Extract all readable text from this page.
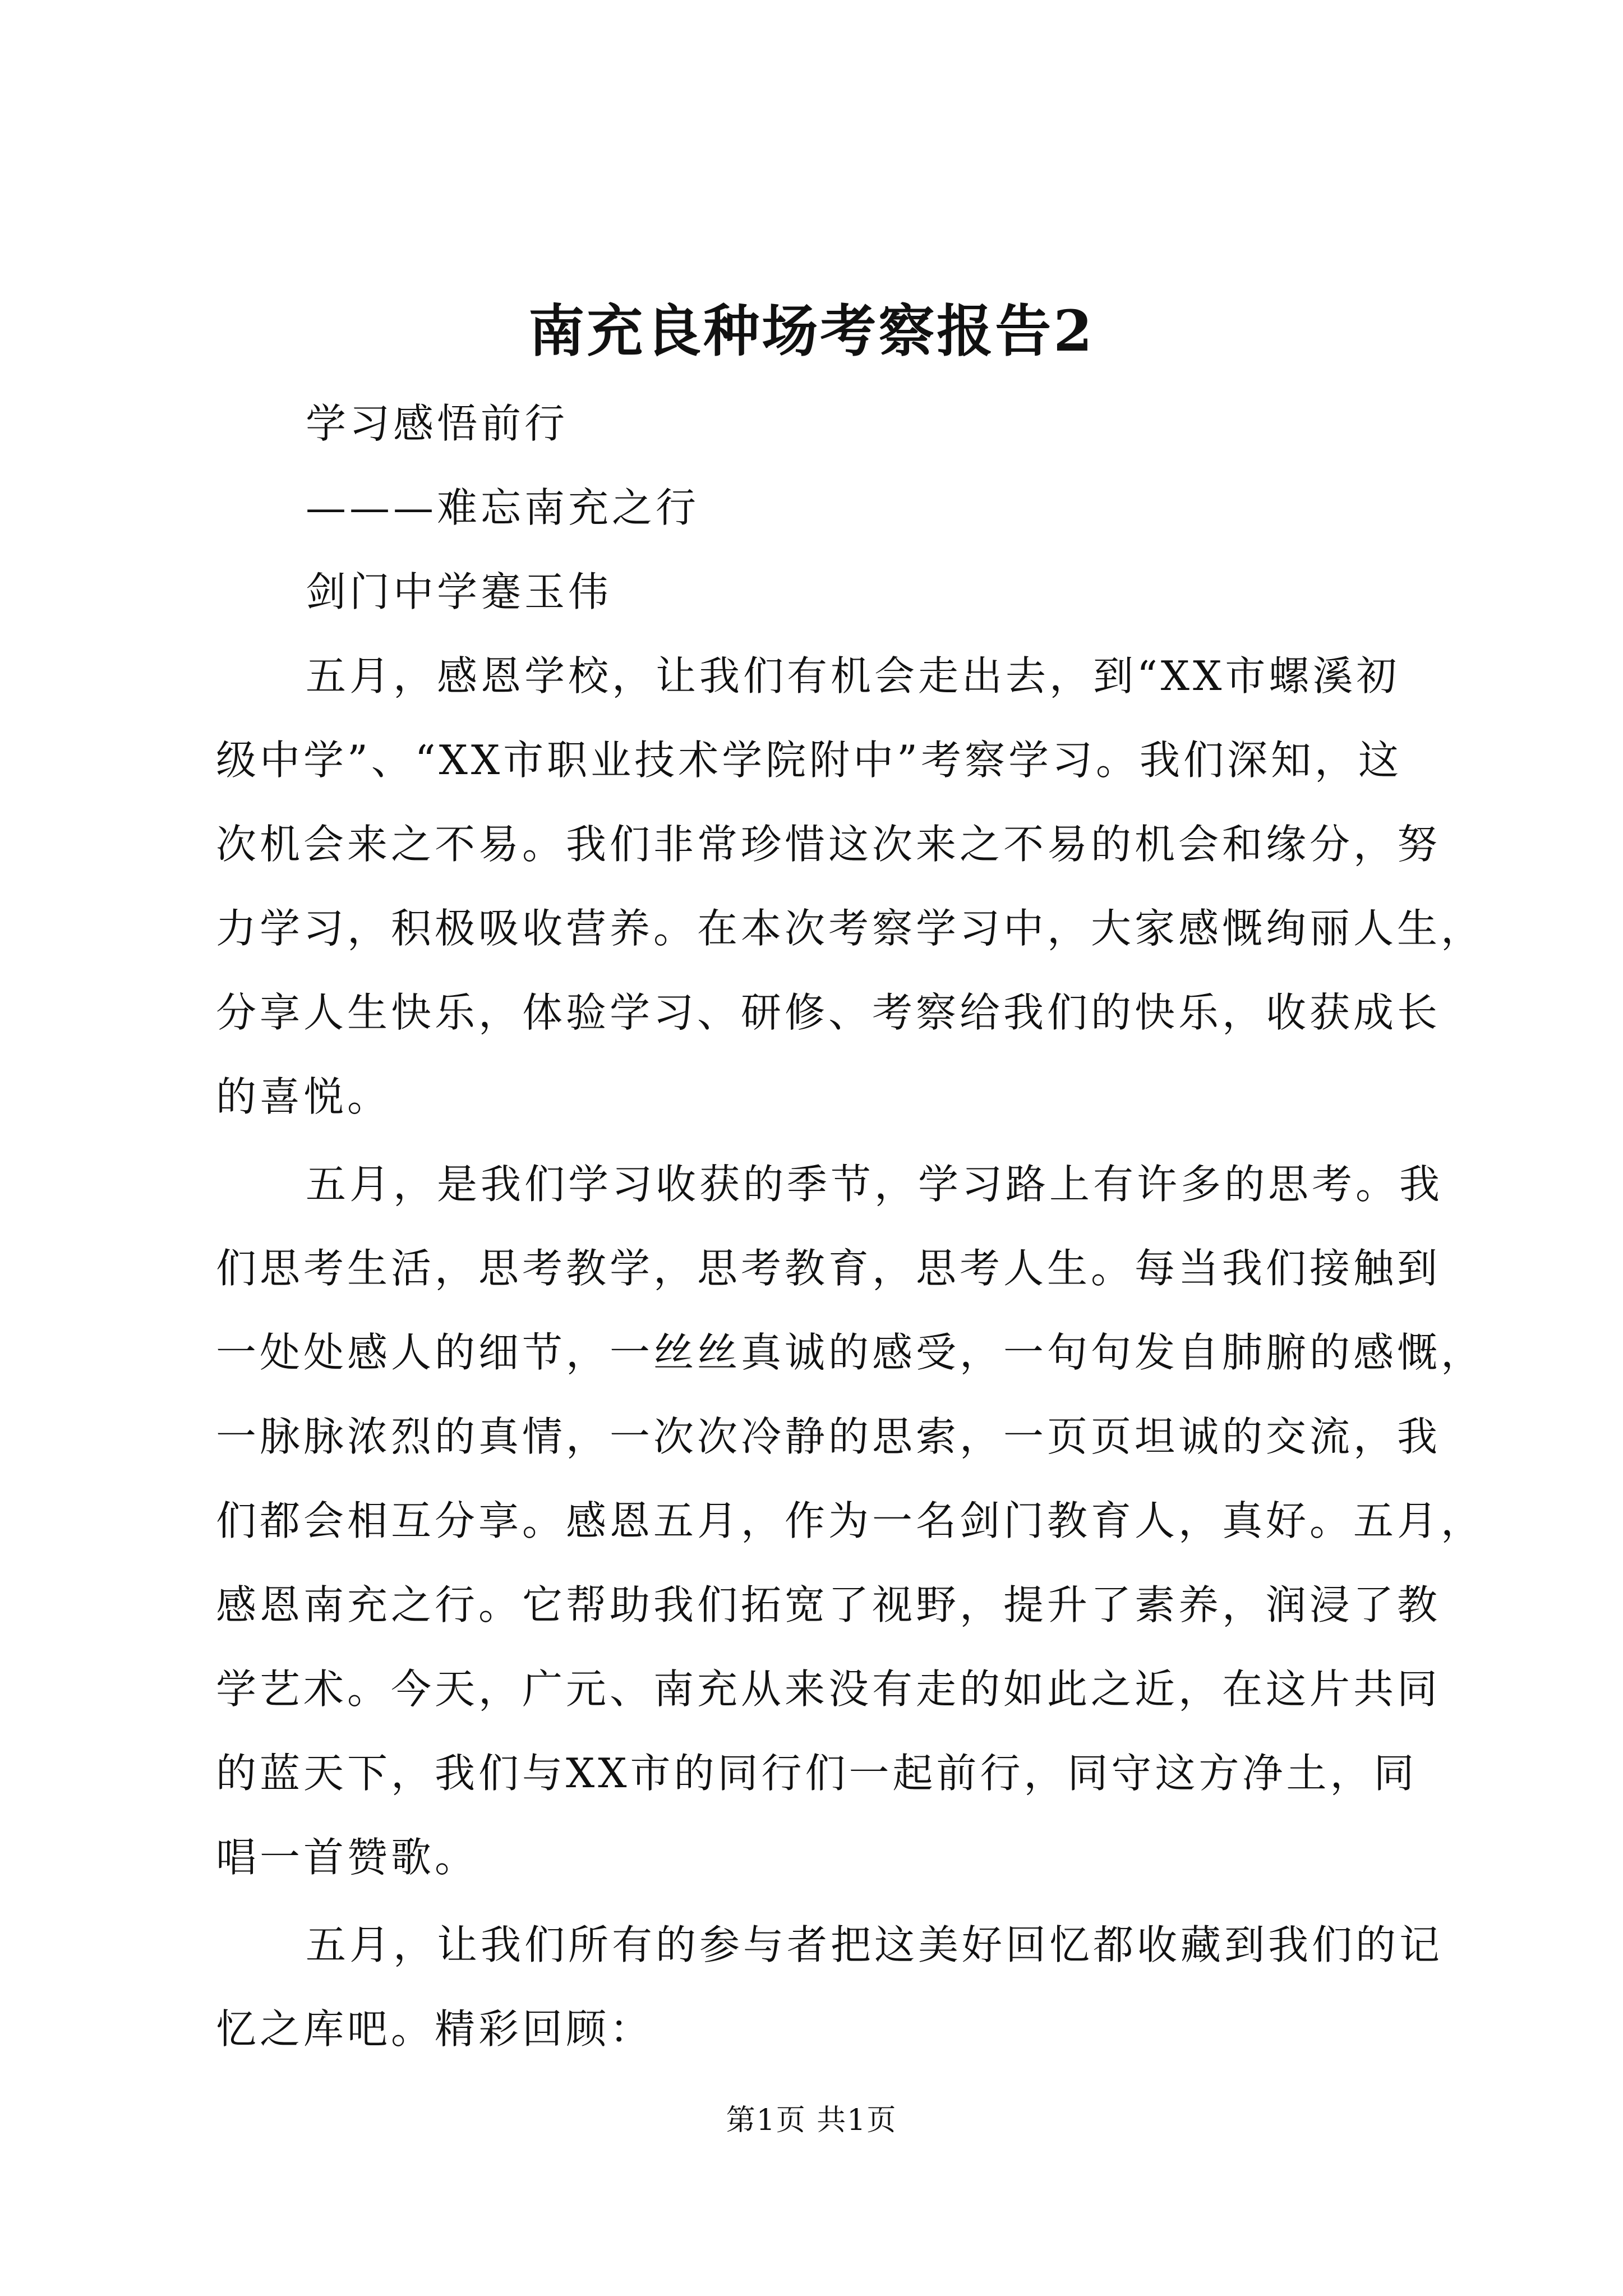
南充良种场考察报告2

学习感悟前行

———难忘南充之行

剑门中学蹇玉伟

五月，感恩学校，让我们有机会走出去，到“XX市螺溪初

级中学”、“XX市职业技术学院附中”考察学习。我们深知，这

次机会来之不易。我们非常珍惜这次来之不易的机会和缘分，努

力学习，积极吸收营养。在本次考察学习中，大家感慨绚丽人生，

分享人生快乐，体验学习、研修、考察给我们的快乐，收获成长

的喜悦。

五月，是我们学习收获的季节，学习路上有许多的思考。我

们思考生活，思考教学，思考教育，思考人生。每当我们接触到

一处处感人的细节，一丝丝真诚的感受，一句句发自肺腑的感慨，

一脉脉浓烈的真情，一次次冷静的思索，一页页坦诚的交流，我

们都会相互分享。感恩五月，作为一名剑门教育人，真好。五月，

感恩南充之行。它帮助我们拓宽了视野，提升了素养，润浸了教

学艺术。今天，广元、南充从来没有走的如此之近，在这片共同

的蓝天下，我们与XX市的同行们一起前行，同守这方净土，同

唱一首赞歌。

五月，让我们所有的参与者把这美好回忆都收藏到我们的记

忆之库吧。精彩回顾：

第1页 共1页
